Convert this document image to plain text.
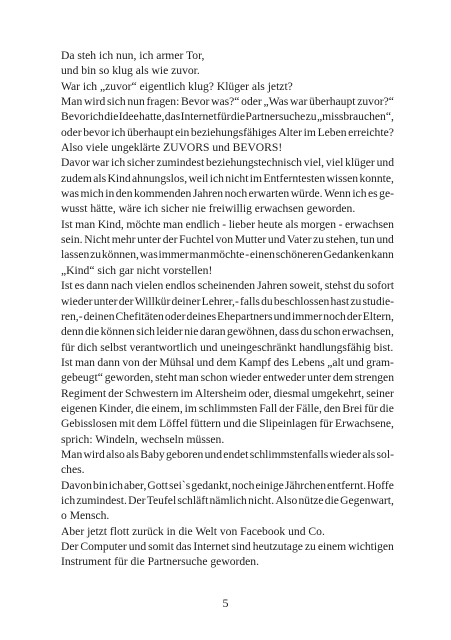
Da steh ich nun, ich armer Tor,
und bin so klug als wie zuvor.
War ich „zuvor“ eigentlich klug? Klüger als jetzt?
Man wird sich nun fragen: Bevor was?“ oder „Was war überhaupt zuvor?“
Bevor ich die Idee hatte, das Internet für die Partnersuche zu „missbrauchen“,
oder bevor ich überhaupt ein beziehungsfähiges Alter im Leben erreichte?
Also viele ungeklärte ZUVORS und BEVORS!
Davor war ich sicher zumindest beziehungstechnisch viel, viel klüger und
zudem als Kind ahnungslos, weil ich nicht im Entferntesten wissen konnte,
was mich in den kommenden Jahren noch erwarten würde. Wenn ich es ge-
wusst hätte, wäre ich sicher nie freiwillig erwachsen geworden.
Ist man Kind, möchte man endlich - lieber heute als morgen - erwachsen
sein. Nicht mehr unter der Fuchtel von Mutter und Vater zu stehen, tun und
lassen zu können, was immer man möchte - einen schöneren Gedanken kann
„Kind“ sich gar nicht vorstellen!
Ist es dann nach vielen endlos scheinenden Jahren soweit, stehst du sofort
wieder unter der Willkür deiner Lehrer,- falls du beschlossen hast zu studie-
ren,- deinen Chefitäten oder deines Ehepartners und immer noch der Eltern,
denn die können sich leider nie daran gewöhnen, dass du schon erwachsen,
für dich selbst verantwortlich und uneingeschränkt handlungsfähig bist.
Ist man dann von der Mühsal und dem Kampf des Lebens „alt und gram-
gebeugt“ geworden, steht man schon wieder entweder unter dem strengen
Regiment der Schwestern im Altersheim oder, diesmal umgekehrt, seiner
eigenen Kinder, die einem, im schlimmsten Fall der Fälle, den Brei für die
Gebisslosen mit dem Löffel füttern und die Slipeinlagen für Erwachsene,
sprich: Windeln, wechseln müssen.
Man wird also als Baby geboren und endet schlimmstenfalls wieder als sol-
ches.
Davon bin ich aber, Gott sei`s gedankt, noch einige Jährchen entfernt. Hoffe
ich zumindest. Der Teufel schläft nämlich nicht. Also nütze die Gegenwart,
o Mensch.
Aber jetzt flott zurück in die Welt von Facebook und Co.
Der Computer und somit das Internet sind heutzutage zu einem wichtigen
Instrument für die Partnersuche geworden.
5
